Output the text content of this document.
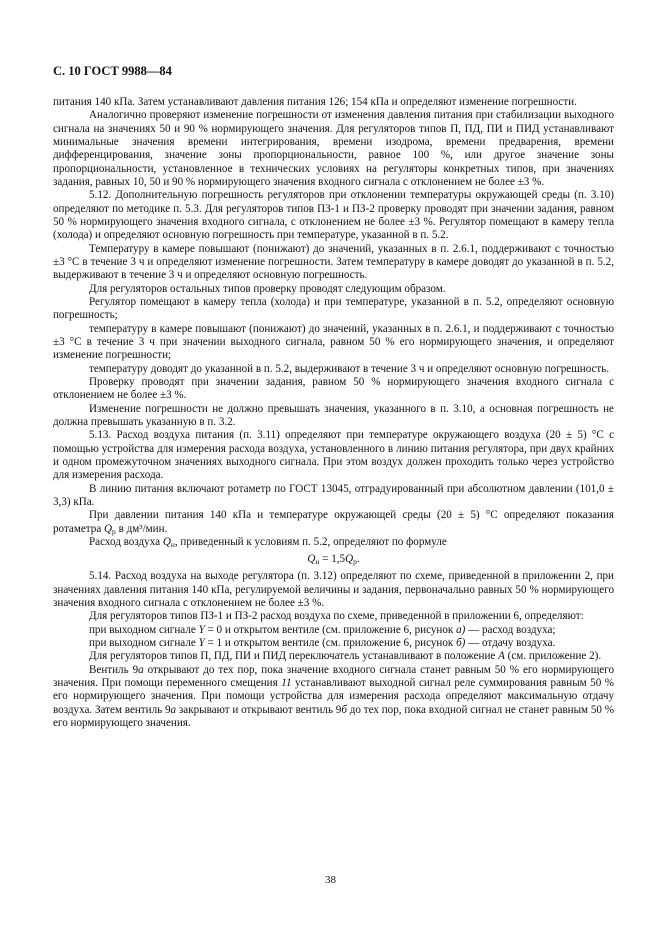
С. 10 ГОСТ 9988—84

питания 140 кПа. Затем устанавливают давления питания 126; 154 кПа и определяют изменение погрешности.

Аналогично проверяют изменение погрешности от изменения давления питания при стабилизации выходного сигнала на значениях 50 и 90 % нормирующего значения. Для регуляторов типов П, ПД, ПИ и ПИД устанавливают минимальные значения времени интегрирования, времени изодрома, времени предварения, времени дифференцирования, значение зоны пропорциональности, равное 100 %, или другое значение зоны пропорциональности, установленное в технических условиях на регуляторы конкретных типов, при значениях задания, равных 10, 50 и 90 % нормирующего значения входного сигнала с отклонением не более ±3 %.

5.12. Дополнительную погрешность регуляторов при отклонении температуры окружающей среды (п. 3.10) определяют по методике п. 5.3. Для регуляторов типов ПЗ-1 и ПЗ-2 проверку проводят при значении задания, равном 50 % нормирующего значения входного сигнала, с отклонением не более ±3 %. Регулятор помещают в камеру тепла (холода) и определяют основную погрешность при температуре, указанной в п. 5.2.

Температуру в камере повышают (понижают) до значений, указанных в п. 2.6.1, поддерживают с точностью ±3 °С в течение 3 ч и определяют изменение погрешности. Затем температуру в камере доводят до указанной в п. 5.2, выдерживают в течение 3 ч и определяют основную погрешность.

Для регуляторов остальных типов проверку проводят следующим образом.

Регулятор помещают в камеру тепла (холода) и при температуре, указанной в п. 5.2, определяют основную погрешность;

температуру в камере повышают (понижают) до значений, указанных в п. 2.6.1, и поддерживают с точностью ±3 °С в течение 3 ч при значении выходного сигнала, равном 50 % его нормирующего значения, и определяют изменение погрешности;

температуру доводят до указанной в п. 5.2, выдерживают в течение 3 ч и определяют основную погрешность.

Проверку проводят при значении задания, равном 50 % нормирующего значения входного сигнала с отклонением не более ±3 %.

Изменение погрешности не должно превышать значения, указанного в п. 3.10, а основная погрешность не должна превышать указанную в п. 3.2.

5.13. Расход воздуха питания (п. 3.11) определяют при температуре окружающего воздуха (20 ± 5) °С с помощью устройства для измерения расхода воздуха, установленного в линию питания регулятора, при двух крайних и одном промежуточном значениях выходного сигнала. При этом воздух должен проходить только через устройство для измерения расхода.

В линию питания включают ротаметр по ГОСТ 13045, отградуированный при абсолютном давлении (101,0 ± 3,3) кПа.

При давлении питания 140 кПа и температуре окружающей среды (20 ± 5) °С определяют показания ротаметра $Q_р$ в дм³/мин.

Расход воздуха $Q_н$, приведенный к условиям п. 5.2, определяют по формуле

$Q_н = 1,5Q_р$.

5.14. Расход воздуха на выходе регулятора (п. 3.12) определяют по схеме, приведенной в приложении 2, при значениях давления питания 140 кПа, регулируемой величины и задания, первоначально равных 50 % нормирующего значения входного сигнала с отклонением не более ±3 %.

Для регуляторов типов ПЗ-1 и ПЗ-2 расход воздуха по схеме, приведенной в приложении 6, определяют:

при выходном сигнале Y = 0 и открытом вентиле (см. приложение 6, рисунок а) — расход воздуха;

при выходном сигнале Y = 1 и открытом вентиле (см. приложение 6, рисунок б) — отдачу воздуха.

Для регуляторов типов П, ПД, ПИ и ПИД переключатель устанавливают в положение А (см. приложение 2).

Вентиль 9а открывают до тех пор, пока значение входного сигнала станет равным 50 % его нормирующего значения. При помощи переменного смещения 11 устанавливают выходной сигнал реле суммирования равным 50 % его нормирующего значения. При помощи устройства для измерения расхода определяют максимальную отдачу воздуха. Затем вентиль 9а закрывают и открывают вентиль 9б до тех пор, пока входной сигнал не станет равным 50 % его нормирующего значения.

38
